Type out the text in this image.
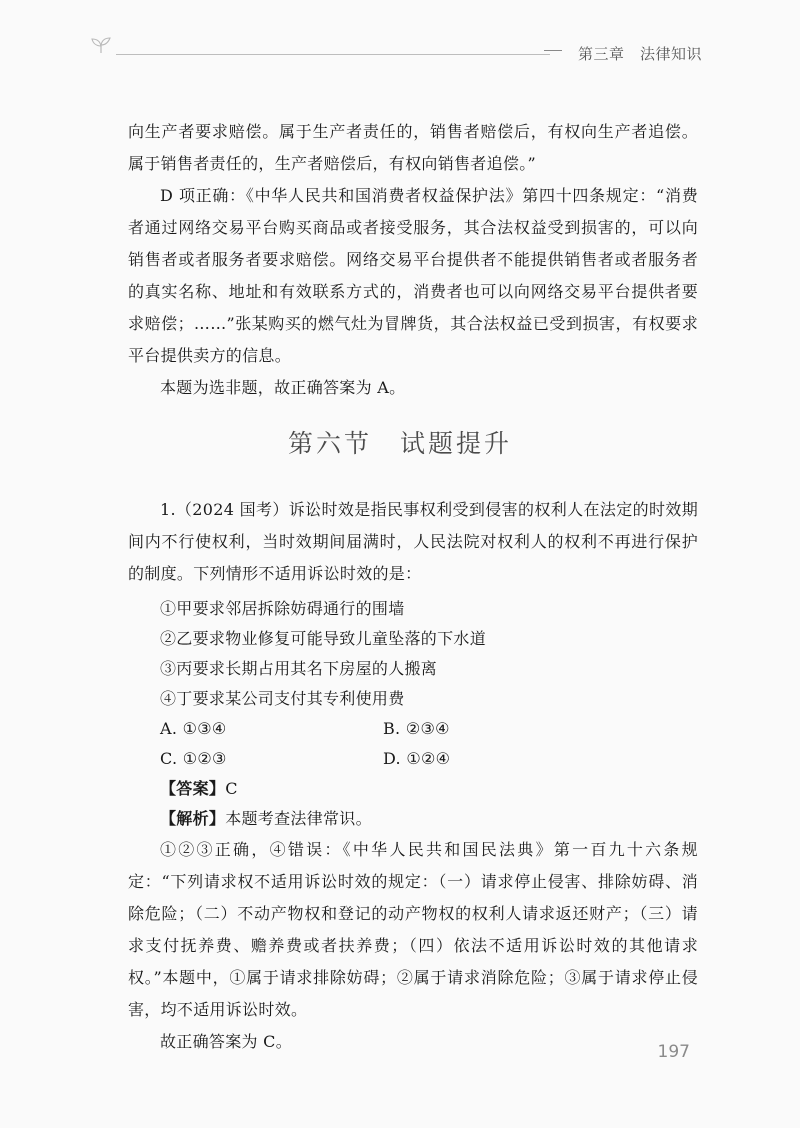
第三章　法律知识

向生产者要求赔偿。属于生产者责任的，销售者赔偿后，有权向生产者追偿。属于销售者责任的，生产者赔偿后，有权向销售者追偿。”

D 项正确：《中华人民共和国消费者权益保护法》第四十四条规定：“消费者通过网络交易平台购买商品或者接受服务，其合法权益受到损害的，可以向销售者或者服务者要求赔偿。网络交易平台提供者不能提供销售者或者服务者的真实名称、地址和有效联系方式的，消费者也可以向网络交易平台提供者要求赔偿；……”张某购买的燃气灶为冒牌货，其合法权益已受到损害，有权要求平台提供卖方的信息。

本题为选非题，故正确答案为 A。

第六节　试题提升

1.（2024 国考）诉讼时效是指民事权利受到侵害的权利人在法定的时效期间内不行使权利，当时效期间届满时，人民法院对权利人的权利不再进行保护的制度。下列情形不适用诉讼时效的是：

①甲要求邻居拆除妨碍通行的围墙

②乙要求物业修复可能导致儿童坠落的下水道

③丙要求长期占用其名下房屋的人搬离

④丁要求某公司支付其专利使用费

A. ①③④	B. ②③④

C. ①②③	D. ①②④

【答案】C

【解析】本题考查法律常识。

①②③正确，④错误：《中华人民共和国民法典》第一百九十六条规定：“下列请求权不适用诉讼时效的规定：（一）请求停止侵害、排除妨碍、消除危险；（二）不动产物权和登记的动产物权的权利人请求返还财产；（三）请求支付抚养费、赡养费或者扶养费；（四）依法不适用诉讼时效的其他请求权。”本题中，①属于请求排除妨碍；②属于请求消除危险；③属于请求停止侵害，均不适用诉讼时效。

故正确答案为 C。

197
